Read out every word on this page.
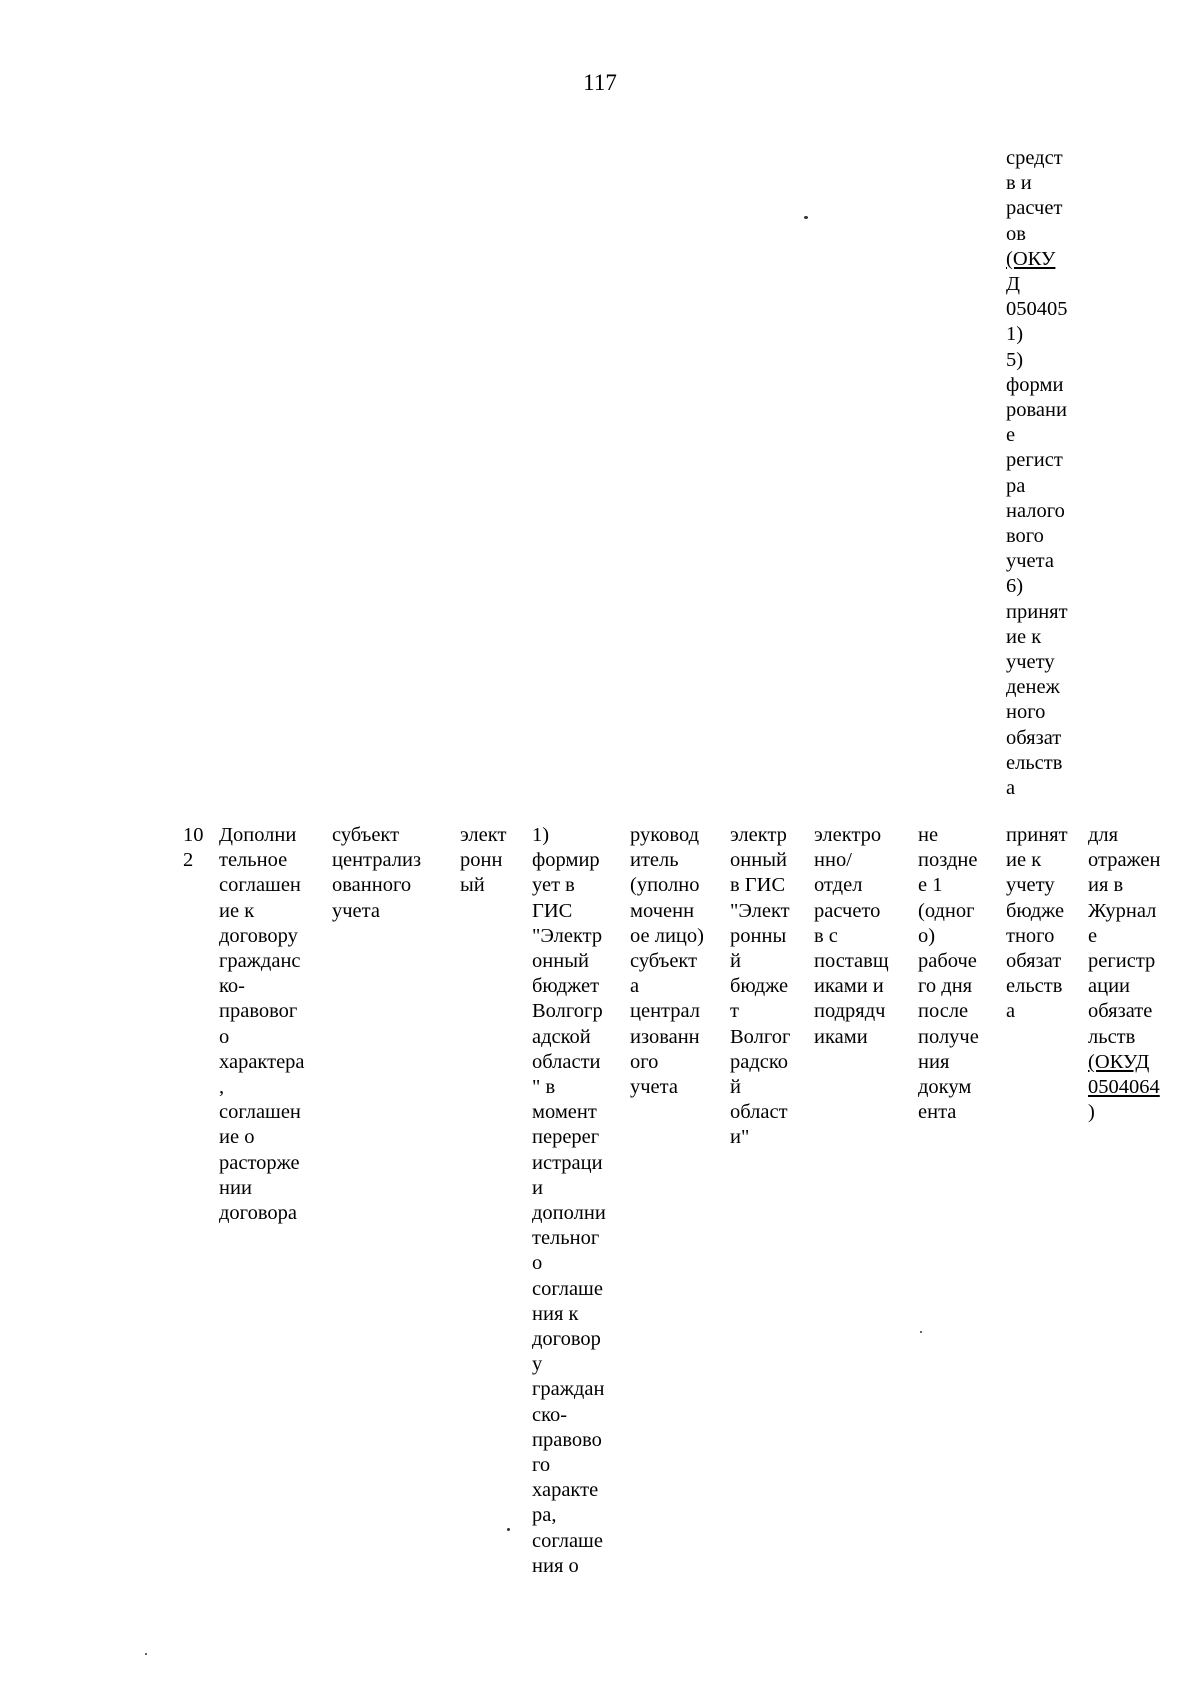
117
средст
в и
расчет
ов
(ОКУ
Д
050405
1)
5)
форми
ровани
е
регист
ра
налого
вого
учета
6)
принят
ие к
учету
денеж
ного
обязат
ельств
а
10
2
Дополни
тельное
соглашен
ие к
договору
гражданс
ко-
правовог
о
характера
,
соглашен
ие о
расторже
нии
договора
субъект
централиз
ованного
учета
элект
ронн
ый
1)
формир
ует в
ГИС
"Электр
онный
бюджет
Волгогр
адской
области
" в
момент
перерег
истраци
и
дополни
тельног
о
соглаше
ния к
договор
у
граждан
ско-
правово
го
характе
ра,
соглаше
ния о
руковод
итель
(уполно
моченн
ое лицо)
субъект
а
централ
изованн
ого
учета
электр
онный
в ГИС
"Элект
ронны
й
бюдже
т
Волгог
радско
й
област
и"
электро
нно/
отдел
расчето
в с
поставщ
иками и
подрядч
иками
не
поздне
е 1
(одног
о)
рабоче
го дня
после
получе
ния
докум
ента
принят
ие к
учету
бюдже
тного
обязат
ельств
а
для
отражен
ия в
Журнал
е
регистр
ации
обязате
льств
(ОКУД
0504064
)
